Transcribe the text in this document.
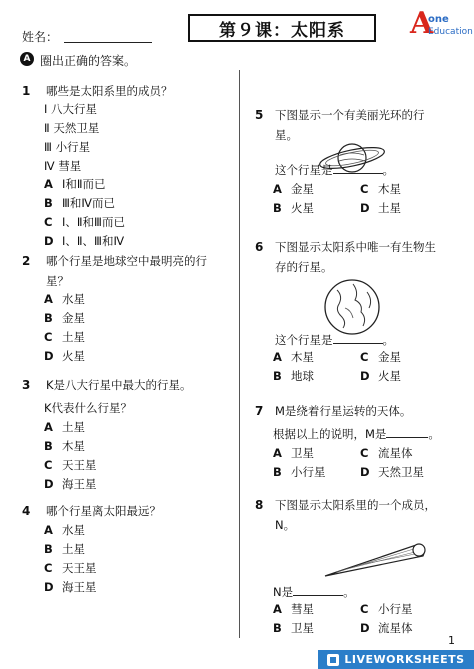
姓名：	第９课：太阳系	A
one
Education
A 圈出正确的答案。
1 哪些是太阳系里的成员？
Ⅰ 八大行星
Ⅱ 天然卫星
Ⅲ 小行星
Ⅳ 彗星
A Ⅰ和Ⅱ而已
B Ⅲ和Ⅳ而已
C Ⅰ、Ⅱ和Ⅲ而已
D Ⅰ、Ⅱ、Ⅲ和Ⅳ
2 哪个行星是地球空中最明亮的行
星？
A 水星
B 金星
C 土星
D 火星
3 K是八大行星中最大的行星。
K代表什么行星？
A 土星
B 木星
C 天王星
D 海王星
4 哪个行星离太阳最远？
A 水星
B 土星
C 天王星
D 海王星
5 下图显示一个有美丽光环的行
星。
这个行星是	。
A 金星	C 木星
B 火星	D 土星
6 下图显示太阳系中唯一有生物生
存的行星。
这个行星是	。
A 木星	C 金星
B 地球	D 火星
7 M是绕着行星运转的天体。
根据以上的说明，M是	。
A 卫星	C 流星体
B 小行星	D 天然卫星
8 下图显示太阳系里的一个成员，
N。
N是	。
A 彗星	C 小行星
B 卫星	D 流星体
1
LIVEWORKSHEETS
